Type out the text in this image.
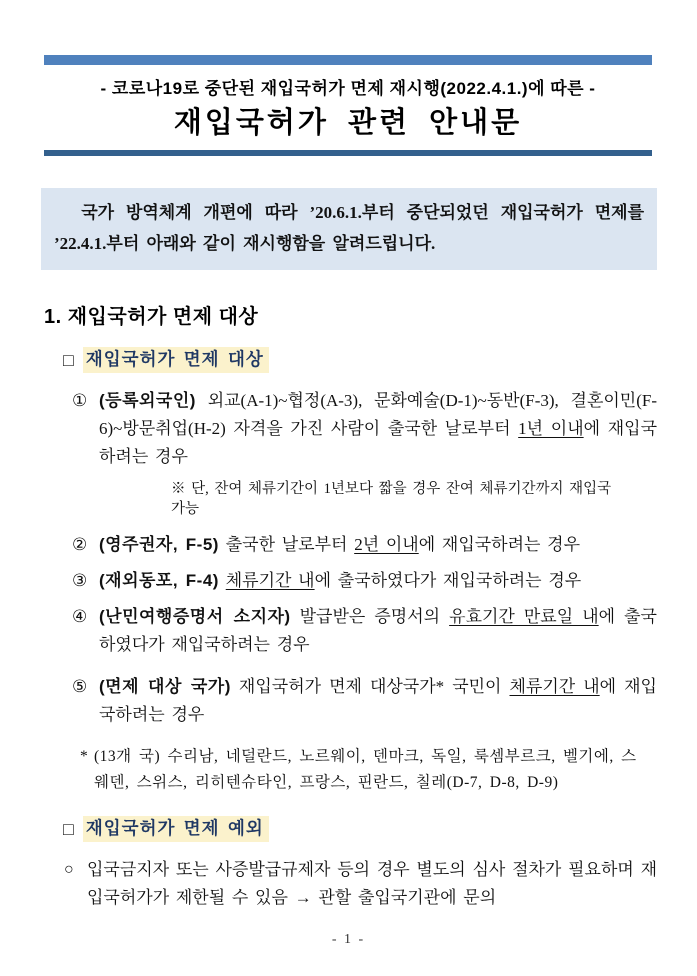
- 코로나19로 중단된 재입국허가 면제 재시행(2022.4.1.)에 따른 -
재입국허가 관련 안내문

국가 방역체계 개편에 따라 ’20.6.1.부터 중단되었던 재입국허가 면제를 ’22.4.1.부터 아래와 같이 재시행함을 알려드립니다.

1. 재입국허가 면제 대상
□ 재입국허가 면제 대상
① (등록외국인) 외교(A-1)~협정(A-3), 문화예술(D-1)~동반(F-3), 결혼이민(F-6)~방문취업(H-2) 자격을 가진 사람이 출국한 날로부터 1년 이내에 재입국하려는 경우

※ 단, 잔여 체류기간이 1년보다 짧을 경우 잔여 체류기간까지 재입국 가능
② (영주권자, F-5) 출국한 날로부터 2년 이내에 재입국하려는 경우

③ (재외동포, F-4) 체류기간 내에 출국하였다가 재입국하려는 경우

④ (난민여행증명서 소지자) 발급받은 증명서의 유효기간 만료일 내에 출국하였다가 재입국하려는 경우

⑤ (면제 대상 국가) 재입국허가 면제 대상국가* 국민이 체류기간 내에 재입국하려는 경우

* (13개 국) 수리남, 네덜란드, 노르웨이, 덴마크, 독일, 룩셈부르크, 벨기에, 스웨덴, 스위스, 리히텐슈타인, 프랑스, 핀란드, 칠레(D-7, D-8, D-9)

□ 재입국허가 면제 예외
○ 입국금지자 또는 사증발급규제자 등의 경우 별도의 심사 절차가 필요하며 재입국허가가 제한될 수 있음 → 관할 출입국기관에 문의

- 1 -
